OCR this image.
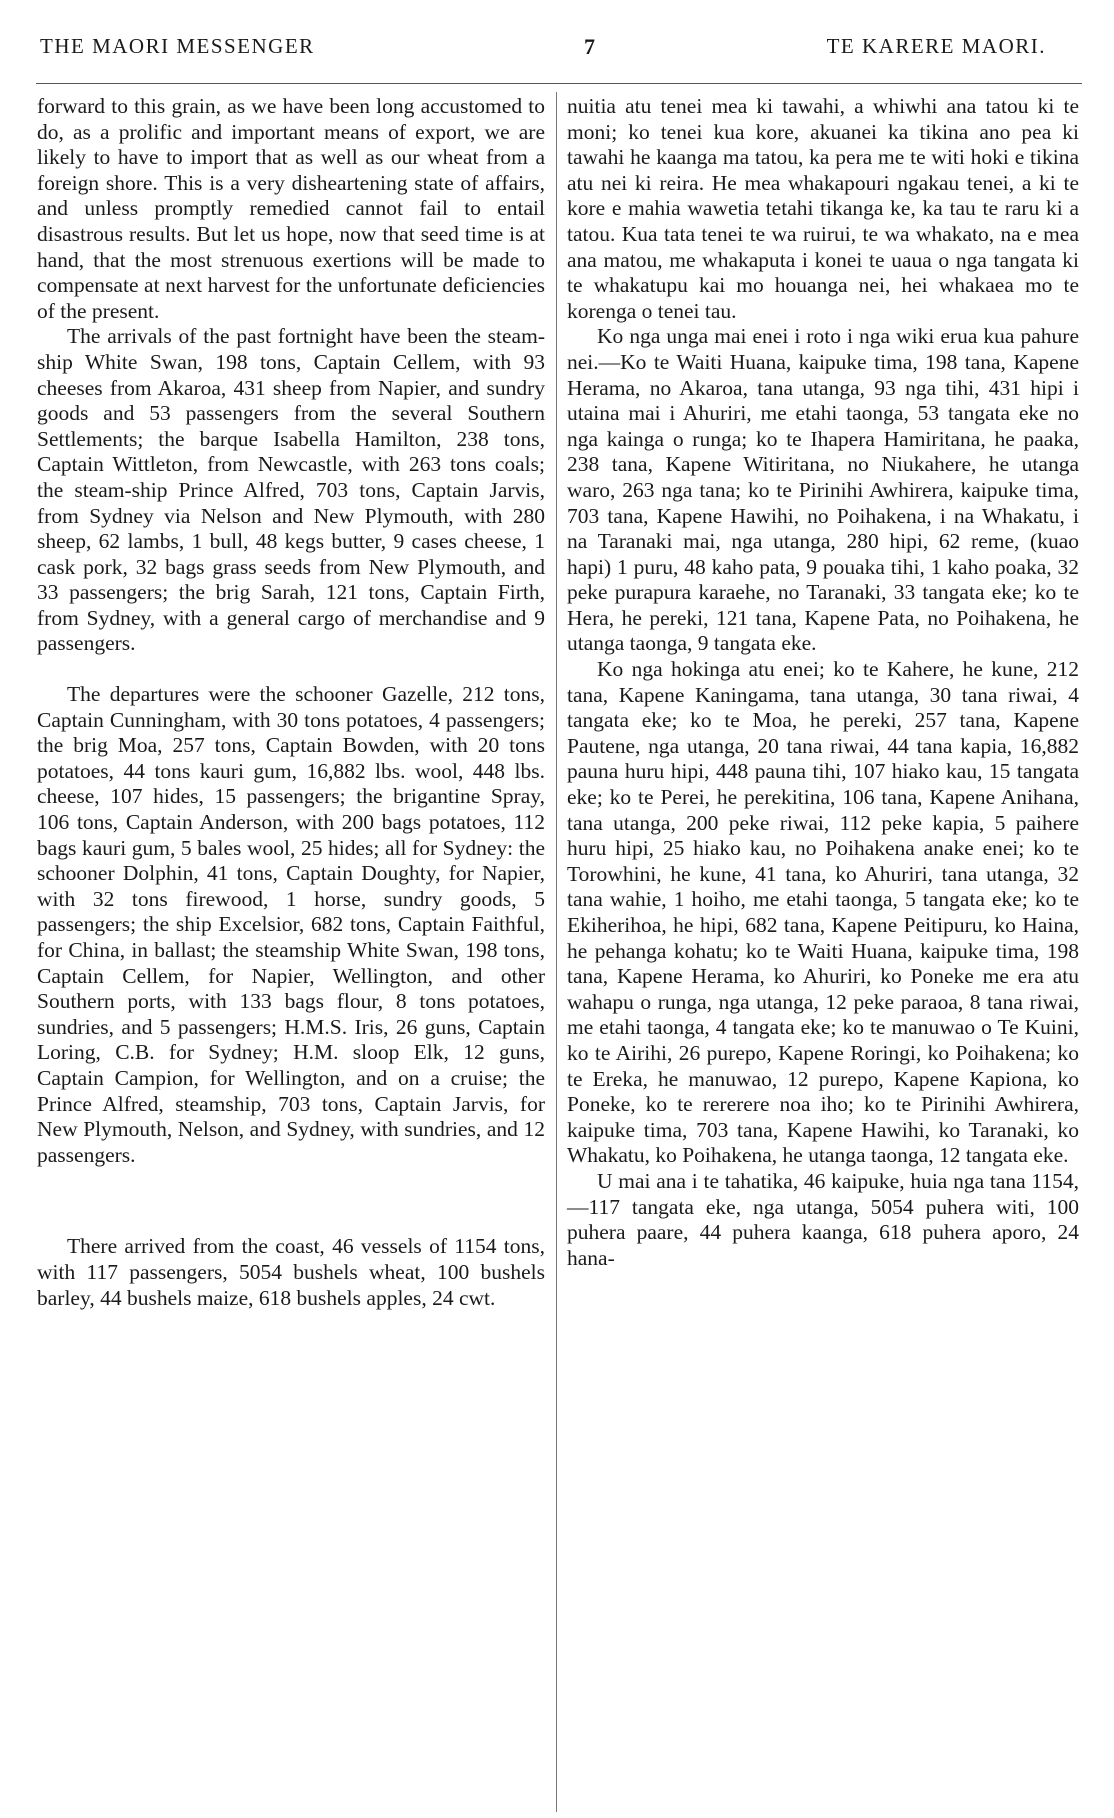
THE MAORI MESSENGER	7	TE KARERE MAORI.

forward to this grain, as we have been long accustomed to do, as a prolific and important means of export, we are likely to have to import that as well as our wheat from a foreign shore. This is a very disheartening state of affairs, and unless promptly remedied cannot fail to entail disastrous results. But let us hope, now that seed time is at hand, that the most strenuous exertions will be made to compensate at next harvest for the unfortunate deficiencies of the present.

The arrivals of the past fortnight have been the steam-ship White Swan, 198 tons, Captain Cellem, with 93 cheeses from Akaroa, 431 sheep from Napier, and sundry goods and 53 passengers from the several Southern Settlements; the barque Isabella Hamilton, 238 tons, Captain Wittleton, from Newcastle, with 263 tons coals; the steam-ship Prince Alfred, 703 tons, Captain Jarvis, from Sydney via Nelson and New Plymouth, with 280 sheep, 62 lambs, 1 bull, 48 kegs butter, 9 cases cheese, 1 cask pork, 32 bags grass seeds from New Plymouth, and 33 passengers; the brig Sarah, 121 tons, Captain Firth, from Sydney, with a general cargo of merchandise and 9 passengers.

The departures were the schooner Gazelle, 212 tons, Captain Cunningham, with 30 tons potatoes, 4 passengers; the brig Moa, 257 tons, Captain Bowden, with 20 tons potatoes, 44 tons kauri gum, 16,882 lbs. wool, 448 lbs. cheese, 107 hides, 15 passengers; the brigantine Spray, 106 tons, Captain Anderson, with 200 bags potatoes, 112 bags kauri gum, 5 bales wool, 25 hides; all for Sydney: the schooner Dolphin, 41 tons, Captain Doughty, for Napier, with 32 tons firewood, 1 horse, sundry goods, 5 passengers; the ship Excelsior, 682 tons, Captain Faithful, for China, in ballast; the steamship White Swan, 198 tons, Captain Cellem, for Napier, Wellington, and other Southern ports, with 133 bags flour, 8 tons potatoes, sundries, and 5 passengers; H.M.S. Iris, 26 guns, Captain Loring, C.B. for Sydney; H.M. sloop Elk, 12 guns, Captain Campion, for Wellington, and on a cruise; the Prince Alfred, steamship, 703 tons, Captain Jarvis, for New Plymouth, Nelson, and Sydney, with sundries, and 12 passengers.

There arrived from the coast, 46 vessels of 1154 tons, with 117 passengers, 5054 bushels wheat, 100 bushels barley, 44 bushels maize, 618 bushels apples, 24 cwt.

nuitia atu tenei mea ki tawahi, a whiwhi ana tatou ki te moni; ko tenei kua kore, akuanei ka tikina ano pea ki tawahi he kaanga ma tatou, ka pera me te witi hoki e tikina atu nei ki reira. He mea whakapouri ngakau tenei, a ki te kore e mahia wawetia tetahi tikanga ke, ka tau te raru ki a tatou. Kua tata tenei te wa ruirui, te wa whakato, na e mea ana matou, me whakaputa i konei te uaua o nga tangata ki te whakatupu kai mo houanga nei, hei whakaea mo te korenga o tenei tau.

Ko nga unga mai enei i roto i nga wiki erua kua pahure nei.—Ko te Waiti Huana, kaipuke tima, 198 tana, Kapene Herama, no Akaroa, tana utanga, 93 nga tihi, 431 hipi i utaina mai i Ahuriri, me etahi taonga, 53 tangata eke no nga kainga o runga; ko te Ihapera Hamiritana, he paaka, 238 tana, Kapene Witiritana, no Niukahere, he utanga waro, 263 nga tana; ko te Pirinihi Awhirera, kaipuke tima, 703 tana, Kapene Hawihi, no Poihakena, i na Whakatu, i na Taranaki mai, nga utanga, 280 hipi, 62 reme, (kuao hapi) 1 puru, 48 kaho pata, 9 pouaka tihi, 1 kaho poaka, 32 peke purapura karaehe, no Taranaki, 33 tangata eke; ko te Hera, he pereki, 121 tana, Kapene Pata, no Poihakena, he utanga taonga, 9 tangata eke.

Ko nga hokinga atu enei; ko te Kahere, he kune, 212 tana, Kapene Kaningama, tana utanga, 30 tana riwai, 4 tangata eke; ko te Moa, he pereki, 257 tana, Kapene Pautene, nga utanga, 20 tana riwai, 44 tana kapia, 16,882 pauna huru hipi, 448 pauna tihi, 107 hiako kau, 15 tangata eke; ko te Perei, he perekitina, 106 tana, Kapene Anihana, tana utanga, 200 peke riwai, 112 peke kapia, 5 paihere huru hipi, 25 hiako kau, no Poihakena anake enei; ko te Torowhini, he kune, 41 tana, ko Ahuriri, tana utanga, 32 tana wahie, 1 hoiho, me etahi taonga, 5 tangata eke; ko te Ekiherihoa, he hipi, 682 tana, Kapene Peitipuru, ko Haina, he pehanga kohatu; ko te Waiti Huana, kaipuke tima, 198 tana, Kapene Herama, ko Ahuriri, ko Poneke me era atu wahapu o runga, nga utanga, 12 peke paraoa, 8 tana riwai, me etahi taonga, 4 tangata eke; ko te manuwao o Te Kuini, ko te Airihi, 26 purepo, Kapene Roringi, ko Poihakena; ko te Ereka, he manuwao, 12 purepo, Kapene Kapiona, ko Poneke, ko te rererere noa iho; ko te Pirinihi Awhirera, kaipuke tima, 703 tana, Kapene Hawihi, ko Taranaki, ko Whakatu, ko Poihakena, he utanga taonga, 12 tangata eke.

U mai ana i te tahatika, 46 kaipuke, huia nga tana 1154,—117 tangata eke, nga utanga, 5054 puhera witi, 100 puhera paare, 44 puhera kaanga, 618 puhera aporo, 24 hana-
